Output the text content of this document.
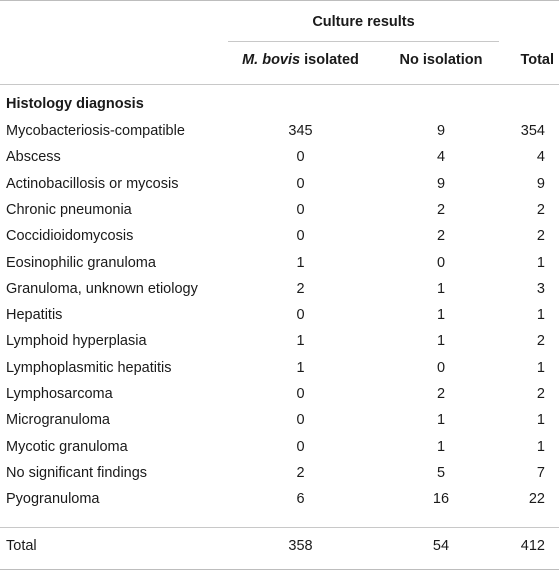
Culture results
M. bovis isolated	No isolation	Total
Histology diagnosis
Mycobacteriosis-compatible	345	9	354
Abscess	0	4	4
Actinobacillosis or mycosis	0	9	9
Chronic pneumonia	0	2	2
Coccidioidomycosis	0	2	2
Eosinophilic granuloma	1	0	1
Granuloma, unknown etiology	2	1	3
Hepatitis	0	1	1
Lymphoid hyperplasia	1	1	2
Lymphoplasmitic hepatitis	1	0	1
Lymphosarcoma	0	2	2
Microgranuloma	0	1	1
Mycotic granuloma	0	1	1
No significant findings	2	5	7
Pyogranuloma	6	16	22
Total	358	54	412
